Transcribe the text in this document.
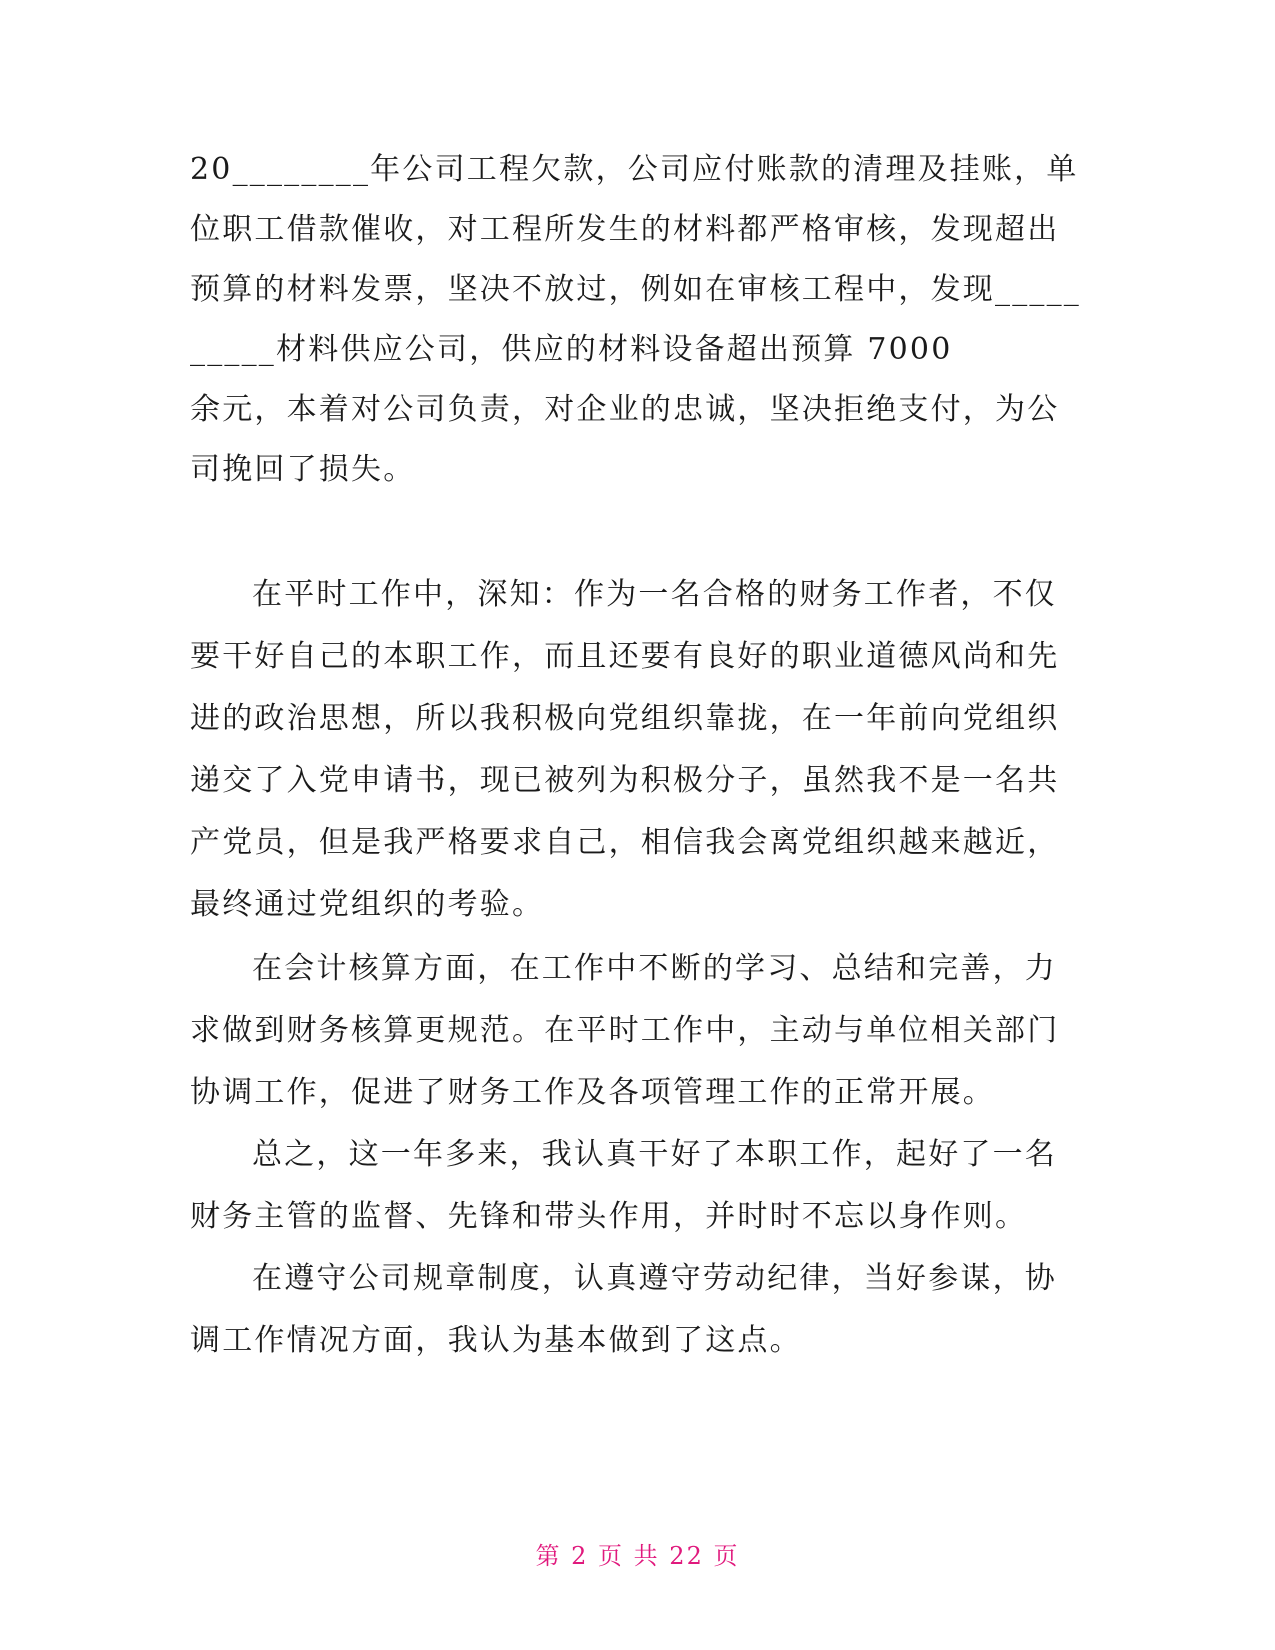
20________年公司工程欠款，公司应付账款的清理及挂账，单
位职工借款催收，对工程所发生的材料都严格审核，发现超出
预算的材料发票，坚决不放过，例如在审核工程中，发现_____
_____材料供应公司，供应的材料设备超出预算 7000
余元，本着对公司负责，对企业的忠诚，坚决拒绝支付，为公
司挽回了损失。
在平时工作中，深知：作为一名合格的财务工作者，不仅
要干好自己的本职工作，而且还要有良好的职业道德风尚和先
进的政治思想，所以我积极向党组织靠拢，在一年前向党组织
递交了入党申请书，现已被列为积极分子，虽然我不是一名共
产党员，但是我严格要求自己，相信我会离党组织越来越近，
最终通过党组织的考验。
在会计核算方面，在工作中不断的学习、总结和完善，力
求做到财务核算更规范。在平时工作中，主动与单位相关部门
协调工作，促进了财务工作及各项管理工作的正常开展。
总之，这一年多来，我认真干好了本职工作，起好了一名
财务主管的监督、先锋和带头作用，并时时不忘以身作则。
在遵守公司规章制度，认真遵守劳动纪律，当好参谋，协
调工作情况方面，我认为基本做到了这点。
第 2 页 共 22 页
